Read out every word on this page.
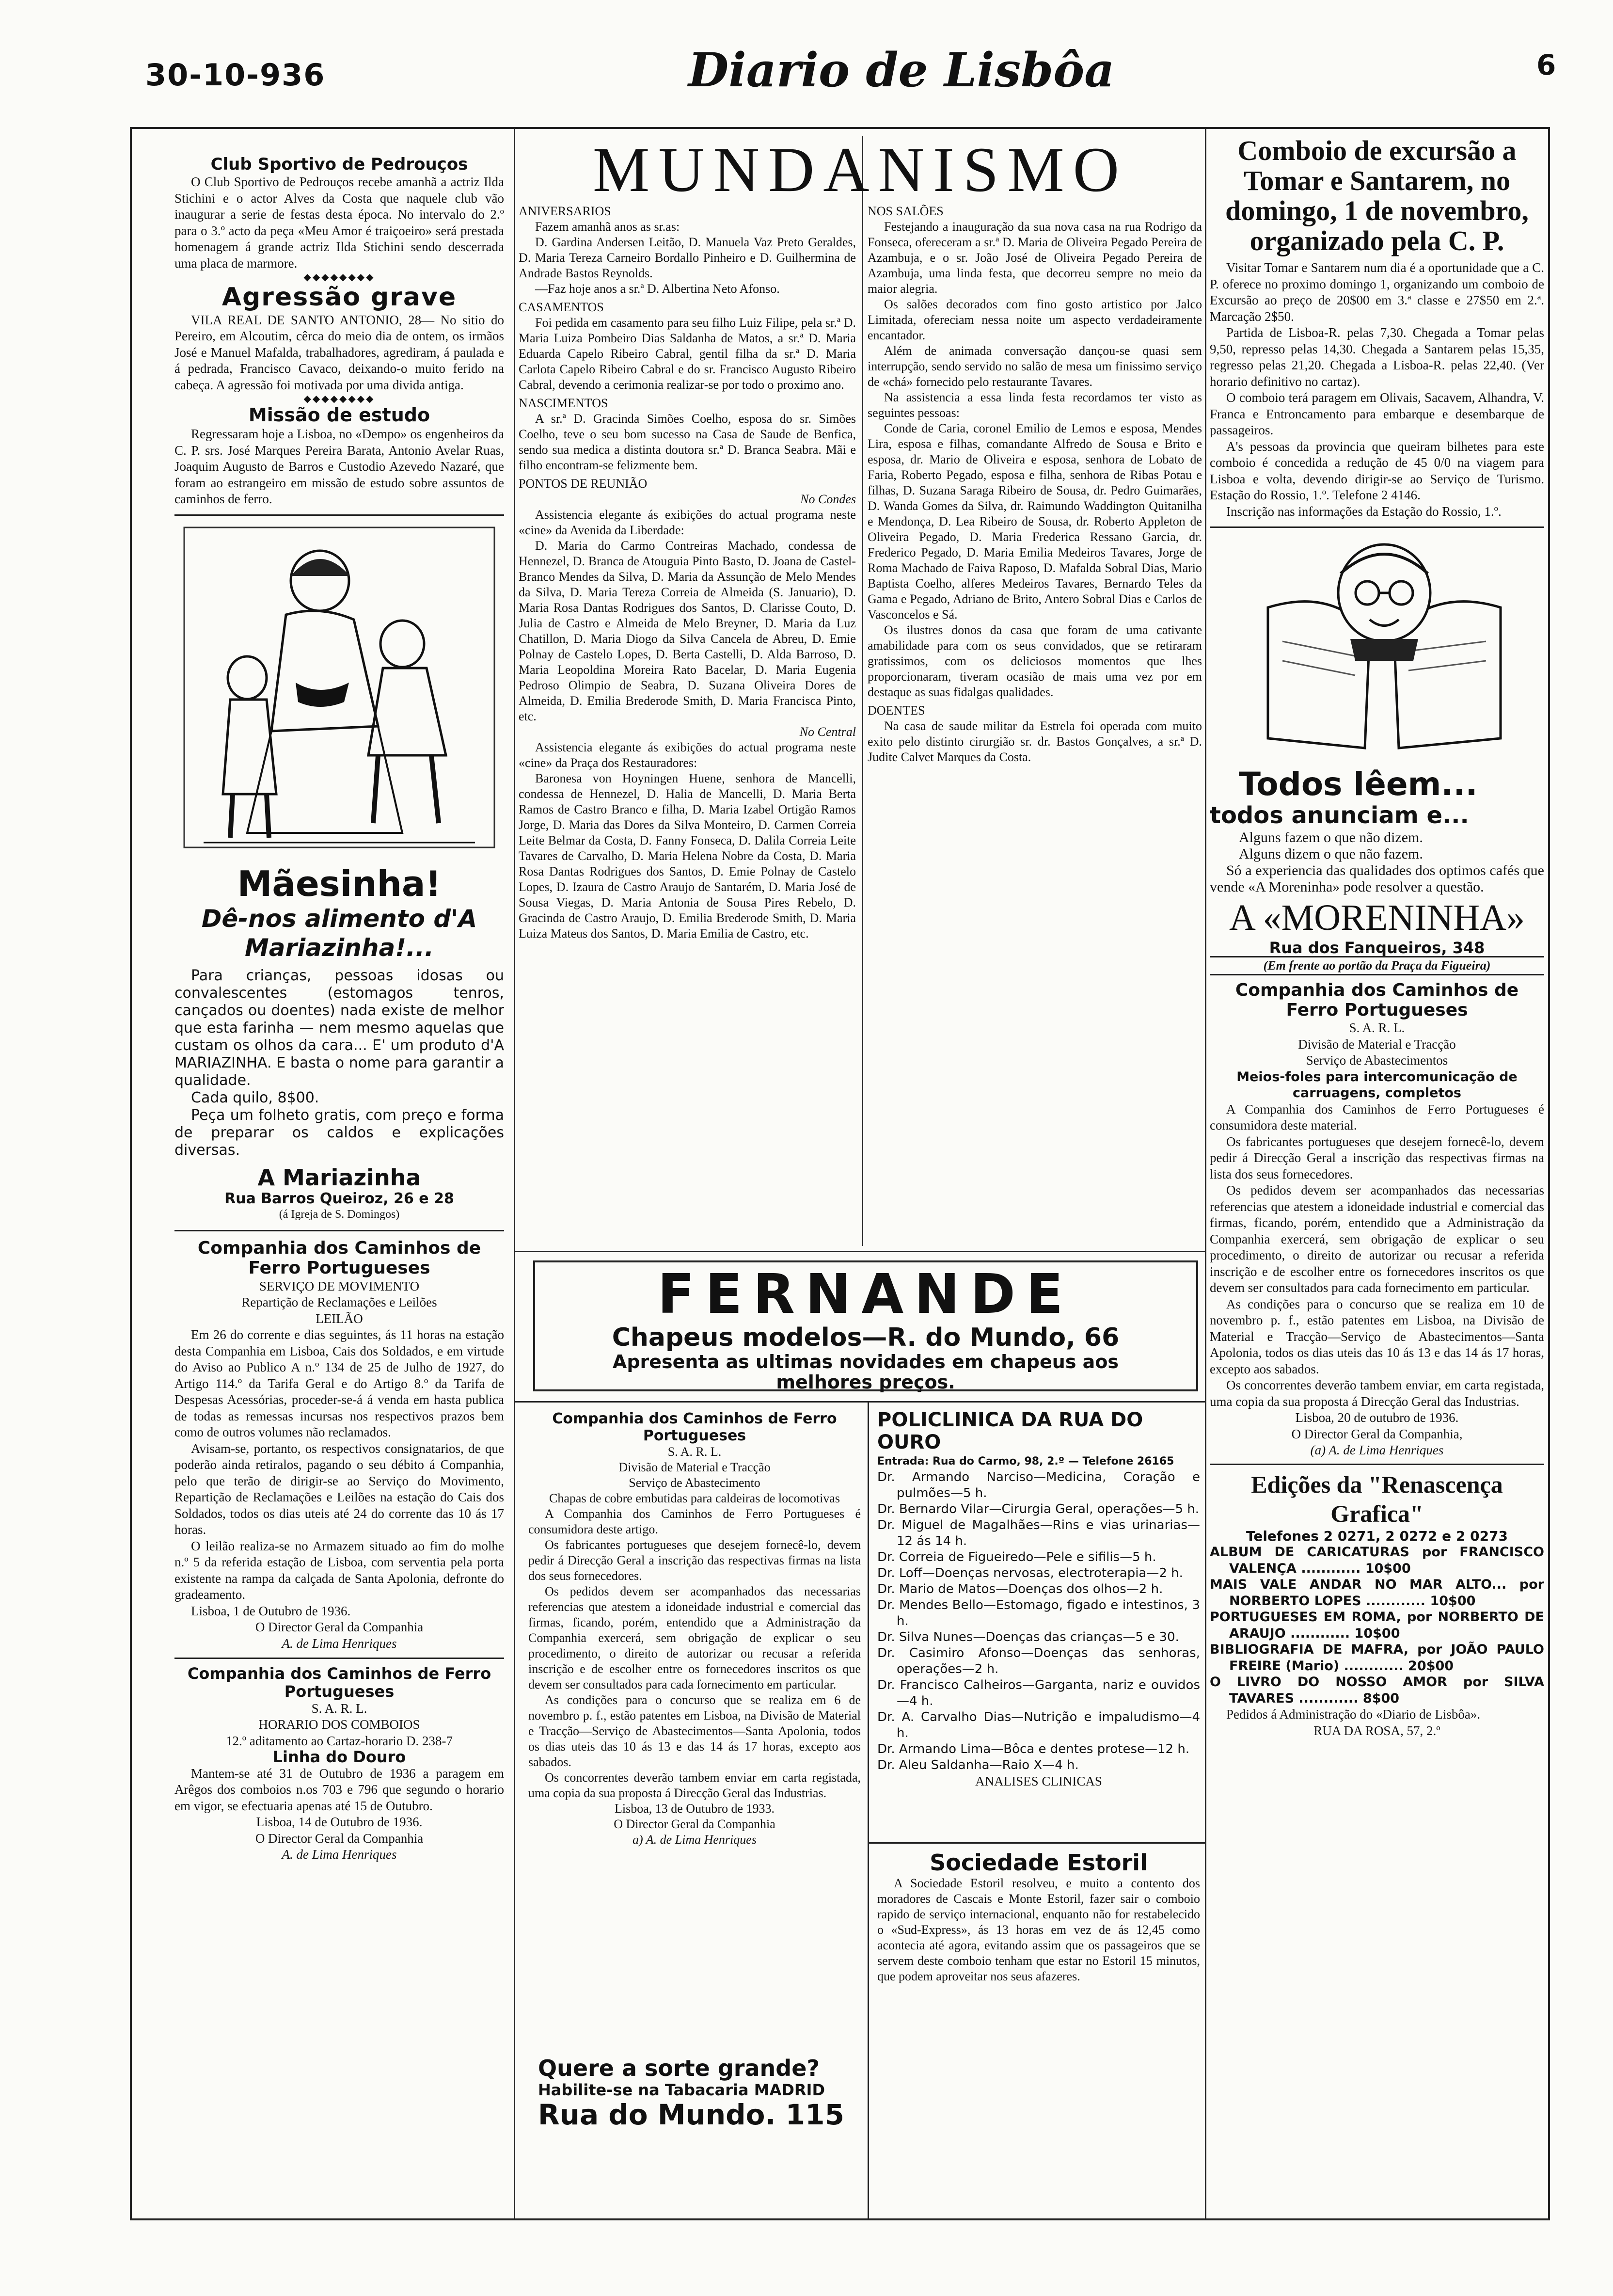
30-10-936	Diario de Lisbôa	6
Club Sportivo de Pedrouços

O Club Sportivo de Pedrouços recebe amanhã a actriz Ilda Stichini e o actor Alves da Costa que naquele club vão inaugurar a serie de festas desta época. No intervalo do 2.º para o 3.º acto da peça «Meu Amor é traiçoeiro» será prestada homenagem á grande actriz Ilda Stichini sendo descerrada uma placa de marmore.

◆◆◆◆◆◆◆◆
Agressão grave

VILA REAL DE SANTO ANTONIO, 28— No sitio do Pereiro, em Alcoutim, cêrca do meio dia de ontem, os irmãos José e Manuel Mafalda, trabalhadores, agrediram, á paulada e á pedrada, Francisco Cavaco, deixando-o muito ferido na cabeça. A agressão foi motivada por uma divida antiga.

◆◆◆◆◆◆◆◆
Missão de estudo

Regressaram hoje a Lisboa, no «Dempo» os engenheiros da C. P. srs. José Marques Pereira Barata, Antonio Avelar Ruas, Joaquim Augusto de Barros e Custodio Azevedo Nazaré, que foram ao estrangeiro em missão de estudo sobre assuntos de caminhos de ferro.

Mãesinha!
Dê-nos alimento d'A Mariazinha!...

Para crianças, pessoas idosas ou convalescentes (estomagos tenros, cançados ou doentes) nada existe de melhor que esta farinha — nem mesmo aquelas que custam os olhos da cara... E' um produto d'A MARIAZINHA. E basta o nome para garantir a qualidade.

Cada quilo, 8$00.

Peça um folheto gratis, com preço e forma de preparar os caldos e explicações diversas.

A Mariazinha
Rua Barros Queiroz, 26 e 28
(á Igreja de S. Domingos)
Companhia dos Caminhos de Ferro Portugueses
SERVIÇO DE MOVIMENTO
Repartição de Reclamações e Leilões
LEILÃO

Em 26 do corrente e dias seguintes, ás 11 horas na estação desta Companhia em Lisboa, Cais dos Soldados, e em virtude do Aviso ao Publico A n.º 134 de 25 de Julho de 1927, do Artigo 114.º da Tarifa Geral e do Artigo 8.º da Tarifa de Despesas Acessórias, proceder-se-á á venda em hasta publica de todas as remessas incursas nos respectivos prazos bem como de outros volumes não reclamados.

Avisam-se, portanto, os respectivos consignatarios, de que poderão ainda retiralos, pagando o seu débito á Companhia, pelo que terão de dirigir-se ao Serviço do Movimento, Repartição de Reclamações e Leilões na estação do Cais dos Soldados, todos os dias uteis até 24 do corrente das 10 ás 17 horas.

O leilão realiza-se no Armazem situado ao fim do molhe n.º 5 da referida estação de Lisboa, com serventia pela porta existente na rampa da calçada de Santa Apolonia, defronte do gradeamento.

Lisboa, 1 de Outubro de 1936.

O Director Geral da Companhia
A. de Lima Henriques
Companhia dos Caminhos de Ferro Portugueses
S. A. R. L.
HORARIO DOS COMBOIOS
12.º aditamento ao Cartaz-horario D. 238-7
Linha do Douro

Mantem-se até 31 de Outubro de 1936 a paragem em Arêgos dos comboios n.os 703 e 796 que segundo o horario em vigor, se efectuaria apenas até 15 de Outubro.

Lisboa, 14 de Outubro de 1936.
O Director Geral da Companhia
A. de Lima Henriques
MUNDANISMO
ANIVERSARIOS

Fazem amanhã anos as sr.as:

D. Gardina Andersen Leitão, D. Manuela Vaz Preto Geraldes, D. Maria Tereza Carneiro Bordallo Pinheiro e D. Guilhermina de Andrade Bastos Reynolds.

—Faz hoje anos a sr.ª D. Albertina Neto Afonso.

CASAMENTOS

Foi pedida em casamento para seu filho Luiz Filipe, pela sr.ª D. Maria Luiza Pombeiro Dias Saldanha de Matos, a sr.ª D. Maria Eduarda Capelo Ribeiro Cabral, gentil filha da sr.ª D. Maria Carlota Capelo Ribeiro Cabral e do sr. Francisco Augusto Ribeiro Cabral, devendo a cerimonia realizar-se por todo o proximo ano.

NASCIMENTOS

A sr.ª D. Gracinda Simões Coelho, esposa do sr. Simões Coelho, teve o seu bom sucesso na Casa de Saude de Benfica, sendo sua medica a distinta doutora sr.ª D. Branca Seabra. Mãi e filho encontram-se felizmente bem.

PONTOS DE REUNIÃO
No Condes

Assistencia elegante ás exibições do actual programa neste «cine» da Avenida da Liberdade:

D. Maria do Carmo Contreiras Machado, condessa de Hennezel, D. Branca de Atouguia Pinto Basto, D. Joana de Castel-Branco Mendes da Silva, D. Maria da Assunção de Melo Mendes da Silva, D. Maria Tereza Correia de Almeida (S. Januario), D. Maria Rosa Dantas Rodrigues dos Santos, D. Clarisse Couto, D. Julia de Castro e Almeida de Melo Breyner, D. Maria da Luz Chatillon, D. Maria Diogo da Silva Cancela de Abreu, D. Emie Polnay de Castelo Lopes, D. Berta Castelli, D. Alda Barroso, D. Maria Leopoldina Moreira Rato Bacelar, D. Maria Eugenia Pedroso Olimpio de Seabra, D. Suzana Oliveira Dores de Almeida, D. Emilia Brederode Smith, D. Maria Francisca Pinto, etc.

No Central

Assistencia elegante ás exibições do actual programa neste «cine» da Praça dos Restauradores:

Baronesa von Hoyningen Huene, senhora de Mancelli, condessa de Hennezel, D. Halia de Mancelli, D. Maria Berta Ramos de Castro Branco e filha, D. Maria Izabel Ortigão Ramos Jorge, D. Maria das Dores da Silva Monteiro, D. Carmen Correia Leite Belmar da Costa, D. Fanny Fonseca, D. Dalila Correia Leite Tavares de Carvalho, D. Maria Helena Nobre da Costa, D. Maria Rosa Dantas Rodrigues dos Santos, D. Emie Polnay de Castelo Lopes, D. Izaura de Castro Araujo de Santarém, D. Maria José de Sousa Viegas, D. Maria Antonia de Sousa Pires Rebelo, D. Gracinda de Castro Araujo, D. Emilia Brederode Smith, D. Maria Luiza Mateus dos Santos, D. Maria Emilia de Castro, etc.

NOS SALÕES

Festejando a inauguração da sua nova casa na rua Rodrigo da Fonseca, ofereceram a sr.ª D. Maria de Oliveira Pegado Pereira de Azambuja, e o sr. João José de Oliveira Pegado Pereira de Azambuja, uma linda festa, que decorreu sempre no meio da maior alegria.

Os salões decorados com fino gosto artistico por Jalco Limitada, ofereciam nessa noite um aspecto verdadeiramente encantador.

Além de animada conversação dançou-se quasi sem interrupção, sendo servido no salão de mesa um finissimo serviço de «chá» fornecido pelo restaurante Tavares.

Na assistencia a essa linda festa recordamos ter visto as seguintes pessoas:

Conde de Caria, coronel Emilio de Lemos e esposa, Mendes Lira, esposa e filhas, comandante Alfredo de Sousa e Brito e esposa, dr. Mario de Oliveira e esposa, senhora de Lobato de Faria, Roberto Pegado, esposa e filha, senhora de Ribas Potau e filhas, D. Suzana Saraga Ribeiro de Sousa, dr. Pedro Guimarães, D. Wanda Gomes da Silva, dr. Raimundo Waddington Quitanilha e Mendonça, D. Lea Ribeiro de Sousa, dr. Roberto Appleton de Oliveira Pegado, D. Maria Frederica Ressano Garcia, dr. Frederico Pegado, D. Maria Emilia Medeiros Tavares, Jorge de Roma Machado de Faiva Raposo, D. Mafalda Sobral Dias, Mario Baptista Coelho, alferes Medeiros Tavares, Bernardo Teles da Gama e Pegado, Adriano de Brito, Antero Sobral Dias e Carlos de Vasconcelos e Sá.

Os ilustres donos da casa que foram de uma cativante amabilidade para com os seus convidados, que se retiraram gratissimos, com os deliciosos momentos que lhes proporcionaram, tiveram ocasião de mais uma vez por em destaque as suas fidalgas qualidades.

DOENTES

Na casa de saude militar da Estrela foi operada com muito exito pelo distinto cirurgião sr. dr. Bastos Gonçalves, a sr.ª D. Judite Calvet Marques da Costa.

FERNANDE
Chapeus modelos—R. do Mundo, 66
Apresenta as ultimas novidades em chapeus aos melhores preços.
Companhia dos Caminhos de Ferro Portugueses
S. A. R. L.
Divisão de Material e Tracção
Serviço de Abastecimento
Chapas de cobre embutidas para caldeiras de locomotivas

A Companhia dos Caminhos de Ferro Portugueses é consumidora deste artigo.

Os fabricantes portugueses que desejem fornecê-lo, devem pedir á Direcção Geral a inscrição das respectivas firmas na lista dos seus fornecedores.

Os pedidos devem ser acompanhados das necessarias referencias que atestem a idoneidade industrial e comercial das firmas, ficando, porém, entendido que a Administração da Companhia exercerá, sem obrigação de explicar o seu procedimento, o direito de autorizar ou recusar a referida inscrição e de escolher entre os fornecedores inscritos os que devem ser consultados para cada fornecimento em particular.

As condições para o concurso que se realiza em 6 de novembro p. f., estão patentes em Lisboa, na Divisão de Material e Tracção—Serviço de Abastecimentos—Santa Apolonia, todos os dias uteis das 10 ás 13 e das 14 ás 17 horas, excepto aos sabados.

Os concorrentes deverão tambem enviar em carta registada, uma copia da sua proposta á Direcção Geral das Industrias.

Lisboa, 13 de Outubro de 1933.
O Director Geral da Companhia
a) A. de Lima Henriques
Quere a sorte grande?
Habilite-se na Tabacaria MADRID
Rua do Mundo. 115
POLICLINICA DA RUA DO OURO
Entrada: Rua do Carmo, 98, 2.º — Telefone 26165
Dr. Armando Narciso—Medicina, Coração e pulmões—5 h.
Dr. Bernardo Vilar—Cirurgia Geral, operações—5 h.
Dr. Miguel de Magalhães—Rins e vias urinarias—12 ás 14 h.
Dr. Correia de Figueiredo—Pele e sifilis—5 h.
Dr. Loff—Doenças nervosas, electroterapia—2 h.
Dr. Mario de Matos—Doenças dos olhos—2 h.
Dr. Mendes Bello—Estomago, figado e intestinos, 3 h.
Dr. Silva Nunes—Doenças das crianças—5 e 30.
Dr. Casimiro Afonso—Doenças das senhoras, operações—2 h.
Dr. Francisco Calheiros—Garganta, nariz e ouvidos—4 h.
Dr. A. Carvalho Dias—Nutrição e impaludismo—4 h.
Dr. Armando Lima—Bôca e dentes protese—12 h.
Dr. Aleu Saldanha—Raio X—4 h.
ANALISES CLINICAS
Sociedade Estoril

A Sociedade Estoril resolveu, e muito a contento dos moradores de Cascais e Monte Estoril, fazer sair o comboio rapido de serviço internacional, enquanto não for restabelecido o «Sud-Express», ás 13 horas em vez de ás 12,45 como acontecia até agora, evitando assim que os passageiros que se servem deste comboio tenham que estar no Estoril 15 minutos, que podem aproveitar nos seus afazeres.

Comboio de excursão a Tomar e Santarem, no domingo, 1 de novembro, organizado pela C. P.

Visitar Tomar e Santarem num dia é a oportunidade que a C. P. oferece no proximo domingo 1, organizando um comboio de Excursão ao preço de 20$00 em 3.ª classe e 27$50 em 2.ª. Marcação 2$50.

Partida de Lisboa-R. pelas 7,30. Chegada a Tomar pelas 9,50, represso pelas 14,30. Chegada a Santarem pelas 15,35, regresso pelas 21,20. Chegada a Lisboa-R. pelas 22,40. (Ver horario definitivo no cartaz).

O comboio terá paragem em Olivais, Sacavem, Alhandra, V. Franca e Entroncamento para embarque e desembarque de passageiros.

A's pessoas da provincia que queiram bilhetes para este comboio é concedida a redução de 45 0/0 na viagem para Lisboa e volta, devendo dirigir-se ao Serviço de Turismo. Estação do Rossio, 1.º. Telefone 2 4146.

Inscrição nas informações da Estação do Rossio, 1.º.

Todos lêem...
todos anunciam e...
Alguns fazem o que não dizem.
Alguns dizem o que não fazem.

Só a experiencia das qualidades dos optimos cafés que vende «A Moreninha» pode resolver a questão.

A «MORENINHA»
Rua dos Fanqueiros, 348
(Em frente ao portão da Praça da Figueira)
Companhia dos Caminhos de Ferro Portugueses
S. A. R. L.
Divisão de Material e Tracção
Serviço de Abastecimentos
Meios-foles para intercomunicação de carruagens, completos

A Companhia dos Caminhos de Ferro Portugueses é consumidora deste material.

Os fabricantes portugueses que desejem fornecê-lo, devem pedir á Direcção Geral a inscrição das respectivas firmas na lista dos seus fornecedores.

Os pedidos devem ser acompanhados das necessarias referencias que atestem a idoneidade industrial e comercial das firmas, ficando, porém, entendido que a Administração da Companhia exercerá, sem obrigação de explicar o seu procedimento, o direito de autorizar ou recusar a referida inscrição e de escolher entre os fornecedores inscritos os que devem ser consultados para cada fornecimento em particular.

As condições para o concurso que se realiza em 10 de novembro p. f., estão patentes em Lisboa, na Divisão de Material e Tracção—Serviço de Abastecimentos—Santa Apolonia, todos os dias uteis das 10 ás 13 e das 14 ás 17 horas, excepto aos sabados.

Os concorrentes deverão tambem enviar, em carta registada, uma copia da sua proposta á Direcção Geral das Industrias.

Lisboa, 20 de outubro de 1936.
O Director Geral da Companhia,
(a) A. de Lima Henriques
Edições da "Renascença Grafica"
Telefones 2 0271, 2 0272 e 2 0273
ALBUM DE CARICATURAS por FRANCISCO VALENÇA ............ 10$00
MAIS VALE ANDAR NO MAR ALTO... por NORBERTO LOPES ............ 10$00
PORTUGUESES EM ROMA, por NORBERTO DE ARAUJO ............ 10$00
BIBLIOGRAFIA DE MAFRA, por JOÃO PAULO FREIRE (Mario) ............ 20$00
O LIVRO DO NOSSO AMOR por SILVA TAVARES ............ 8$00

Pedidos á Administração do «Diario de Lisbôa».

RUA DA ROSA, 57, 2.º
